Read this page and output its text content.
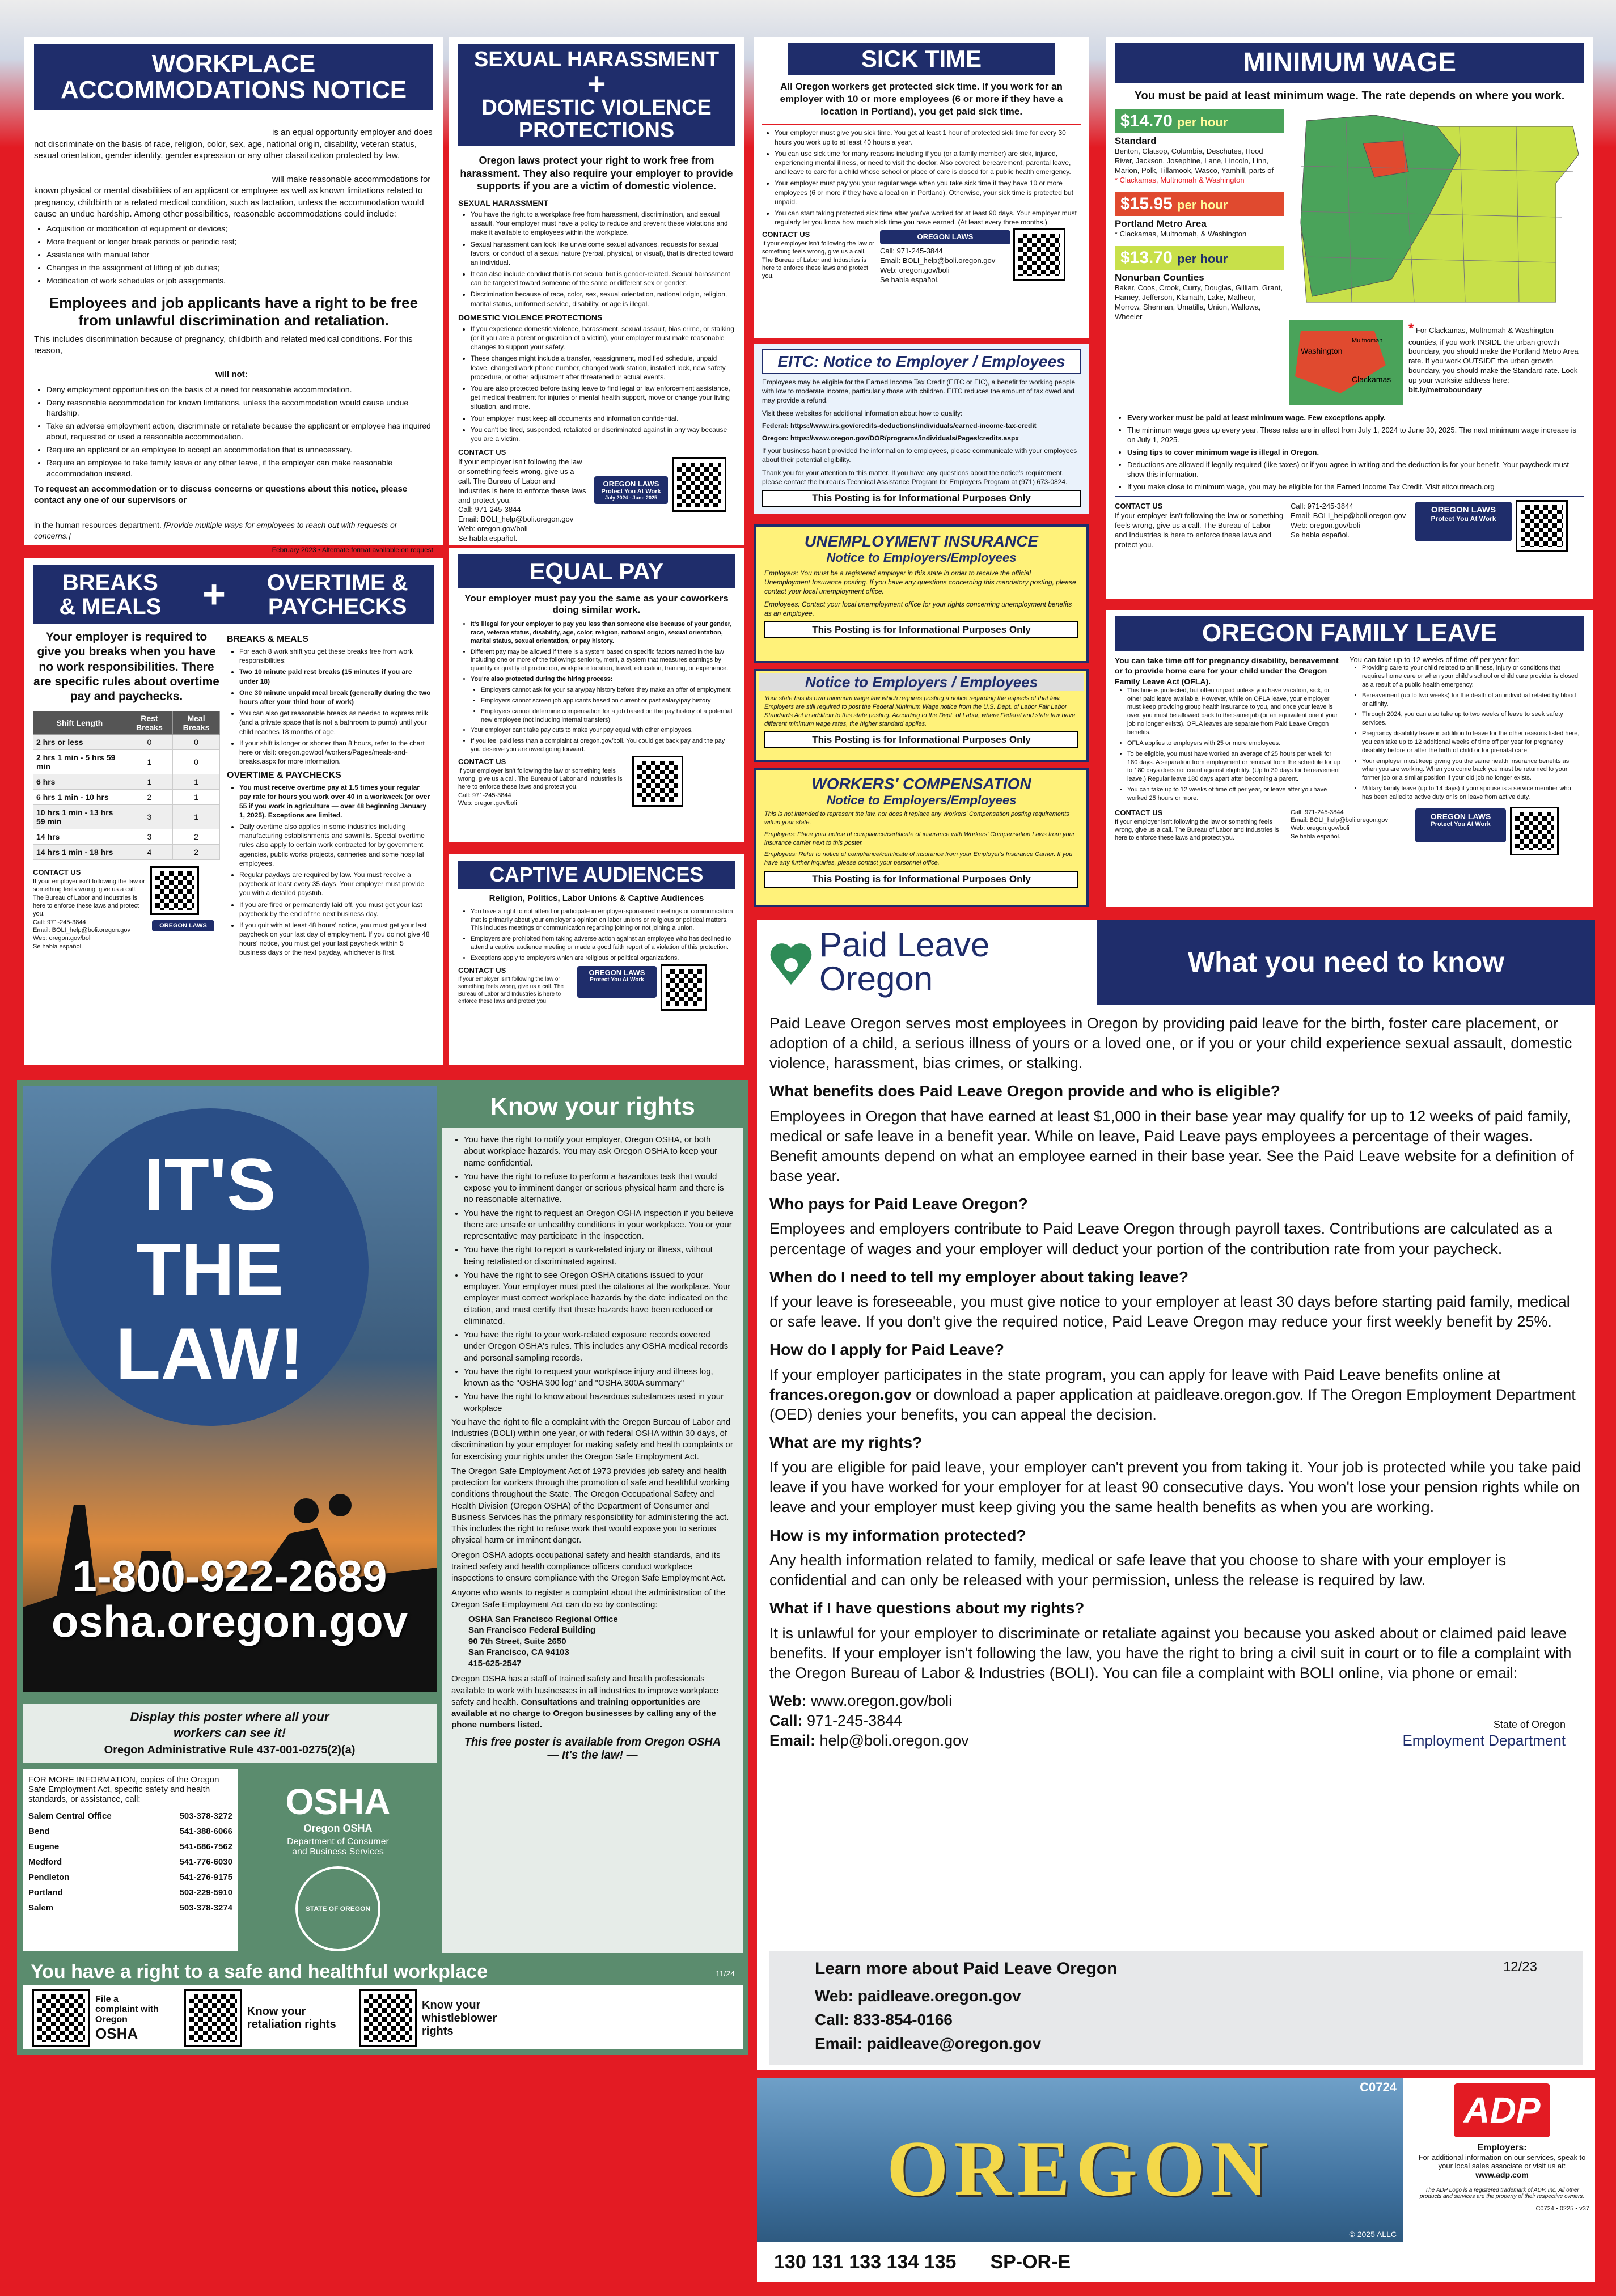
WORKPLACE
ACCOMMODATIONS NOTICE
is an equal opportunity employer and does not discriminate on the basis of race, religion, color, sex, age, national origin, disability, veteran status, sexual orientation, gender identity, gender expression or any other classification protected by law.
will make reasonable accommodations for known physical or mental disabilities of an applicant or employee as well as known limitations related to pregnancy, childbirth or a related medical condition, such as lactation, unless the accommodation would cause an undue hardship. Among other possibilities, reasonable accommodations could include:
• Acquisition or modification of equipment or devices;
• More frequent or longer break periods or periodic rest;
• Assistance with manual labor
• Changes in the assignment of lifting of job duties;
• Modification of work schedules or job assignments.
Employees and job applicants have a right to be free from unlawful discrimination and retaliation.
This includes discrimination because of pregnancy, childbirth and related medical conditions. For this reason,
will not:
• Deny employment opportunities on the basis of a need for reasonable accommodation.
• Deny reasonable accommodation for known limitations, unless the accommodation would cause undue hardship.
• Take an adverse employment action, discriminate or retaliate because the applicant or employee has inquired about, requested or used a reasonable accommodation.
• Require an applicant or an employee to accept an accommodation that is unnecessary.
• Require an employee to take family leave or any other leave, if the employer can make reasonable accommodation instead.
To request an accommodation or to discuss concerns or questions about this notice, please contact any one of our supervisors or
in the human resources department. [Provide multiple ways for employees to reach out with requests or concerns.]
February 2023 • Alternate format available on request
SEXUAL HARASSMENT
+
DOMESTIC VIOLENCE
PROTECTIONS
Oregon laws protect your right to work free from harassment. They also require your employer to provide supports if you are a victim of domestic violence.
SEXUAL HARASSMENT
• You have the right to a workplace free from harassment, discrimination, and sexual assault. Your employer must have a policy to reduce and prevent these violations and make it available to employees within the workplace.
• Sexual harassment can look like unwelcome sexual advances, requests for sexual favors, or conduct of a sexual nature (verbal, physical, or visual), that is directed toward an individual.
• It can also include conduct that is not sexual but is gender-related. Sexual harassment can be targeted toward someone of the same or different sex or gender.
• Discrimination because of race, color, sex, sexual orientation, national origin, religion, marital status, uniformed service, disability, or age is illegal.
DOMESTIC VIOLENCE PROTECTIONS
• If you experience domestic violence, harassment, sexual assault, bias crime, or stalking (or if you are a parent or guardian of a victim), your employer must make reasonable changes to support your safety.
• These changes might include a transfer, reassignment, modified schedule, unpaid leave, changed work phone number, changed work station, installed lock, new safety procedure, or other adjustment after threatened or actual events.
• You are also protected before taking leave to find legal or law enforcement assistance, get medical treatment for injuries or mental health support, move or change your living situation, and more.
• Your employer must keep all documents and information confidential.
• You can't be fired, suspended, retaliated or discriminated against in any way because you are a victim.
CONTACT US
If your employer isn't following the law or something feels wrong, give us a call. The Bureau of Labor and Industries is here to enforce these laws and protect you.
Call: 971-245-3844
Email: BOLI_help@boli.oregon.gov
Web: oregon.gov/boli
Se habla español.
OREGON LAWS
Protect You At Work
July 2024 - June 2025
SICK TIME
All Oregon workers get protected sick time. If you work for an employer with 10 or more employees (6 or more if they have a location in Portland), you get paid sick time.
• Your employer must give you sick time. You get at least 1 hour of protected sick time for every 30 hours you work up to at least 40 hours a year.
• You can use sick time for many reasons including if you (or a family member) are sick, injured, experiencing mental illness, or need to visit the doctor. Also covered: bereavement, parental leave, and leave to care for a child whose school or place of care is closed for a public health emergency.
• Your employer must pay you your regular wage when you take sick time if they have 10 or more employees (6 or more if they have a location in Portland). Otherwise, your sick time is protected but unpaid.
• You can start taking protected sick time after you've worked for at least 90 days. Your employer must regularly let you know how much sick time you have earned. (At least every three months.)
CONTACT US
If your employer isn't following the law or something feels wrong, give us a call. The Bureau of Labor and Industries is here to enforce these laws and protect you.
OREGON LAWS
Call: 971-245-3844
Email: BOLI_help@boli.oregon.gov
Web: oregon.gov/boli
Se habla español.
EITC: Notice to Employer / Employees
Employees may be eligible for the Earned Income Tax Credit (EITC or EIC), a benefit for working people with low to moderate income, particularly those with children. EITC reduces the amount of tax owed and may provide a refund.
Visit these websites for additional information about how to qualify:
Federal: https://www.irs.gov/credits-deductions/individuals/earned-income-tax-credit
Oregon: https://www.oregon.gov/DOR/programs/individuals/Pages/credits.aspx
If your business hasn't provided the information to employees, please communicate with your employees about their potential eligibility.
Thank you for your attention to this matter. If you have any questions about the notice's requirement, please contact the bureau's Technical Assistance Program for Employers Program at (971) 673-0824.
This Posting is for Informational Purposes Only
UNEMPLOYMENT INSURANCE
Notice to Employers/Employees
Employers: You must be a registered employer in this state in order to receive the official Unemployment Insurance posting. If you have any questions concerning this mandatory posting, please contact your local unemployment office.
Employees: Contact your local unemployment office for your rights concerning unemployment benefits as an employee.
This Posting is for Informational Purposes Only
Notice to Employers / Employees
Your state has its own minimum wage law which requires posting a notice regarding the aspects of that law. Employers are still required to post the Federal Minimum Wage notice from the U.S. Dept. of Labor Fair Labor Standards Act in addition to this state posting. According to the Dept. of Labor, where Federal and state law have different minimum wage rates, the higher standard applies.
This Posting is for Informational Purposes Only
WORKERS' COMPENSATION
Notice to Employers/Employees
This is not intended to represent the law, nor does it replace any Workers' Compensation posting requirements within your state.
Employers: Place your notice of compliance/certificate of insurance with Workers' Compensation Laws from your insurance carrier next to this poster.
Employees: Refer to notice of compliance/certificate of insurance from your Employer's Insurance Carrier. If you have any further inquiries, please contact your personnel office.
This Posting is for Informational Purposes Only
MINIMUM WAGE
You must be paid at least minimum wage. The rate depends on where you work.
$14.70 per hour
Standard
Benton, Clatsop, Columbia, Deschutes, Hood River, Jackson, Josephine, Lane, Lincoln, Linn, Marion, Polk, Tillamook, Wasco, Yamhill, parts of
* Clackamas, Multnomah & Washington
$15.95 per hour
Portland Metro Area
* Clackamas, Multnomah, & Washington
$13.70 per hour
Nonurban Counties
Baker, Coos, Crook, Curry, Douglas, Gilliam, Grant, Harney, Jefferson, Klamath, Lake, Malheur, Morrow, Sherman, Umatilla, Union, Wallowa, Wheeler
Washington
Multnomah
Clackamas
* For Clackamas, Multnomah & Washington counties, if you work INSIDE the urban growth boundary, you should make the Portland Metro Area rate. If you work OUTSIDE the urban growth boundary, you should make the Standard rate. Look up your worksite address here:
bit.ly/metroboundary
• Every worker must be paid at least minimum wage. Few exceptions apply.
• The minimum wage goes up every year. These rates are in effect from July 1, 2024 to June 30, 2025. The next minimum wage increase is on July 1, 2025.
• Using tips to cover minimum wage is illegal in Oregon.
• Deductions are allowed if legally required (like taxes) or if you agree in writing and the deduction is for your benefit. Your paycheck must show this information.
• If you make close to minimum wage, you may be eligible for the Earned Income Tax Credit. Visit eitcoutreach.org
CONTACT US
If your employer isn't following the law or something feels wrong, give us a call. The Bureau of Labor and Industries is here to enforce these laws and protect you.
Call: 971-245-3844
Email: BOLI_help@boli.oregon.gov
Web: oregon.gov/boli
Se habla español.
OREGON LAWS
Protect You At Work
OREGON FAMILY LEAVE
You can take time off for pregnancy disability, bereavement or to provide home care for your child under the Oregon Family Leave Act (OFLA).
• This time is protected, but often unpaid unless you have vacation, sick, or other paid leave available. However, while on OFLA leave, your employer must keep providing group health insurance to you, and once your leave is over, you must be allowed back to the same job (or an equivalent one if your job no longer exists). OFLA leaves are separate from Paid Leave Oregon benefits.
• OFLA applies to employers with 25 or more employees.
• To be eligible, you must have worked an average of 25 hours per week for 180 days. A separation from employment or removal from the schedule for up to 180 days does not count against eligibility. (Up to 30 days for bereavement leave.) Regular leave 180 days apart after becoming a parent.
• You can take up to 12 weeks of time off per year, or leave after you have worked 25 hours or more.
You can take up to 12 weeks of time off per year for:
• Providing care to your child related to an illness, injury or conditions that requires home care or when your child's school or child care provider is closed as a result of a public health emergency.
• Bereavement (up to two weeks) for the death of an individual related by blood or affinity.
• Through 2024, you can also take up to two weeks of leave to seek safety services.
• Pregnancy disability leave in addition to leave for the other reasons listed here, you can take up to 12 additional weeks of time off per year for pregnancy disability before or after the birth of child or for prenatal care.
• Your employer must keep giving you the same health insurance benefits as when you are working. When you come back you must be returned to your former job or a similar position if your old job no longer exists.
• Military family leave (up to 14 days) if your spouse is a service member who has been called to active duty or is on leave from active duty.
CONTACT US
If your employer isn't following the law or something feels wrong, give us a call. The Bureau of Labor and Industries is here to enforce these laws and protect you.
Call: 971-245-3844
Email: BOLI_help@boli.oregon.gov
Web: oregon.gov/boli
Se habla español.
OREGON LAWS
Protect You At Work
BREAKS
& MEALS + OVERTIME &
PAYCHECKS
Your employer is required to give you breaks when you have no work responsibilities. There are specific rules about overtime pay and paychecks.
Shift Length	Rest Breaks	Meal Breaks
2 hrs or less	0	0
2 hrs 1 min - 5 hrs 59 min	1	0
6 hrs	1	1
6 hrs 1 min - 10 hrs	2	1
10 hrs 1 min - 13 hrs 59 min	3	1
14 hrs	3	2
14 hrs 1 min - 18 hrs	4	2
CONTACT US
If your employer isn't following the law or something feels wrong, give us a call. The Bureau of Labor and Industries is here to enforce these laws and protect you.
Call: 971-245-3844
Email: BOLI_help@boli.oregon.gov
Web: oregon.gov/boli
Se habla español.
OREGON LAWS
BREAKS & MEALS
• For each 8 work shift you get these breaks free from work responsibilities:
• Two 10 minute paid rest breaks (15 minutes if you are under 18)
• One 30 minute unpaid meal break (generally during the two hours after your third hour of work)
• You can also get reasonable breaks as needed to express milk (and a private space that is not a bathroom to pump) until your child reaches 18 months of age.
• If your shift is longer or shorter than 8 hours, refer to the chart here or visit: oregon.gov/boli/workers/Pages/meals-and-breaks.aspx for more information.
OVERTIME & PAYCHECKS
• You must receive overtime pay at 1.5 times your regular pay rate for hours you work over 40 in a workweek (or over 55 if you work in agriculture — over 48 beginning January 1, 2025). Exceptions are limited.
• Daily overtime also applies in some industries including manufacturing establishments and sawmills. Special overtime rules also apply to certain work contracted for by government agencies, public works projects, canneries and some hospital employees.
• Regular paydays are required by law. You must receive a paycheck at least every 35 days. Your employer must provide you with a detailed paystub.
• If you are fired or permanently laid off, you must get your last paycheck by the end of the next business day.
• If you quit with at least 48 hours' notice, you must get your last paycheck on your last day of employment. If you do not give 48 hours' notice, you must get your last paycheck within 5 business days or the next payday, whichever is first.
EQUAL PAY
Your employer must pay you the same as your coworkers doing similar work.
• It's illegal for your employer to pay you less than someone else because of your gender, race, veteran status, disability, age, color, religion, national origin, sexual orientation, marital status, sexual orientation, or pay history.
• Different pay may be allowed if there is a system based on specific factors named in the law including one or more of the following: seniority, merit, a system that measures earnings by quantity or quality of production, workplace location, travel, education, training, or experience.
• You're also protected during the hiring process:
• Employers cannot ask for your salary/pay history before they make an offer of employment
• Employers cannot screen job applicants based on current or past salary/pay history
• Employers cannot determine compensation for a job based on the pay history of a potential new employee (not including internal transfers)
• Your employer can't take pay cuts to make your pay equal with other employees.
• If you feel paid less than a complaint at oregon.gov/boli. You could get back pay and the pay you deserve you are owed going forward.
CONTACT US
If your employer isn't following the law or something feels wrong, give us a call. The Bureau of Labor and Industries is here to enforce these laws and protect you.
Call: 971-245-3844
Web: oregon.gov/boli
CAPTIVE AUDIENCES
Religion, Politics, Labor Unions & Captive Audiences
• You have a right to not attend or participate in employer-sponsored meetings or communication that is primarily about your employer's opinion on labor unions or religious or political matters. This includes meetings or communication regarding joining or not joining a union.
• Employers are prohibited from taking adverse action against an employee who has declined to attend a captive audience meeting or made a good faith report of a violation of this protection.
• Exceptions apply to employers which are religious or political organizations.
CONTACT US
If your employer isn't following the law or something feels wrong, give us a call. The Bureau of Labor and Industries is here to enforce these laws and protect you.
OREGON LAWS
Protect You At Work
IT'S
THE
LAW!
1-800-922-2689
osha.oregon.gov
Know your rights
• You have the right to notify your employer, Oregon OSHA, or both about workplace hazards. You may ask Oregon OSHA to keep your name confidential.
• You have the right to refuse to perform a hazardous task that would expose you to imminent danger or serious physical harm and there is no reasonable alternative.
• You have the right to request an Oregon OSHA inspection if you believe there are unsafe or unhealthy conditions in your workplace. You or your representative may participate in the inspection.
• You have the right to report a work-related injury or illness, without being retaliated or discriminated against.
• You have the right to see Oregon OSHA citations issued to your employer. Your employer must post the citations at the workplace. Your employer must correct workplace hazards by the date indicated on the citation, and must certify that these hazards have been reduced or eliminated.
• You have the right to your work-related exposure records covered under Oregon OSHA's rules. This includes any OSHA medical records and personal sampling records.
• You have the right to request your workplace injury and illness log, known as the "OSHA 300 log" and "OSHA 300A summary"
• You have the right to know about hazardous substances used in your workplace
You have the right to file a complaint with the Oregon Bureau of Labor and Industries (BOLI) within one year, or with federal OSHA within 30 days, of discrimination by your employer for making safety and health complaints or for exercising your rights under the Oregon Safe Employment Act.
The Oregon Safe Employment Act of 1973 provides job safety and health protection for workers through the promotion of safe and healthful working conditions throughout the State. The Oregon Occupational Safety and Health Division (Oregon OSHA) of the Department of Consumer and Business Services has the primary responsibility for administering the act. This includes the right to refuse work that would expose you to serious physical harm or imminent danger.
Oregon OSHA adopts occupational safety and health standards, and its trained safety and health compliance officers conduct workplace inspections to ensure compliance with the Oregon Safe Employment Act.
Anyone who wants to register a complaint about the administration of the Oregon Safe Employment Act can do so by contacting:
OSHA San Francisco Regional Office
San Francisco Federal Building
90 7th Street, Suite 2650
San Francisco, CA 94103
415-625-2547
Oregon OSHA has a staff of trained safety and health professionals available to work with businesses in all industries to improve workplace safety and health. Consultations and training opportunities are available at no charge to Oregon businesses by calling any of the phone numbers listed.
This free poster is available from Oregon OSHA
— It's the law! —
Display this poster where all your workers can see it!
Oregon Administrative Rule 437-001-0275(2)(a)
FOR MORE INFORMATION, copies of the Oregon Safe Employment Act, specific safety and health standards, or assistance, call:
Salem Central Office	503-378-3272
Bend	541-388-6066
Eugene	541-686-7562
Medford	541-776-6030
Pendleton	541-276-9175
Portland	503-229-5910
Salem	503-378-3274
OSHA
Oregon OSHA
Department of Consumer and Business Services
STATE OF OREGON
You have a right to a safe and healthful workplace	11/24
File a complaint with Oregon
OSHA
Know your retaliation rights
Know your whistleblower rights
Paid Leave
Oregon	What you need to know
Paid Leave Oregon serves most employees in Oregon by providing paid leave for the birth, foster care placement, or adoption of a child, a serious illness of yours or a loved one, or if you or your child experience sexual assault, domestic violence, harassment, bias crimes, or stalking.
What benefits does Paid Leave Oregon provide and who is eligible?
Employees in Oregon that have earned at least $1,000 in their base year may qualify for up to 12 weeks of paid family, medical or safe leave in a benefit year. While on leave, Paid Leave pays employees a percentage of their wages. Benefit amounts depend on what an employee earned in their base year. See the Paid Leave website for a definition of base year.
Who pays for Paid Leave Oregon?
Employees and employers contribute to Paid Leave Oregon through payroll taxes. Contributions are calculated as a percentage of wages and your employer will deduct your portion of the contribution rate from your paycheck.
When do I need to tell my employer about taking leave?
If your leave is foreseeable, you must give notice to your employer at least 30 days before starting paid family, medical or safe leave. If you don't give the required notice, Paid Leave Oregon may reduce your first weekly benefit by 25%.
How do I apply for Paid Leave?
If your employer participates in the state program, you can apply for leave with Paid Leave benefits online at frances.oregon.gov or download a paper application at paidleave.oregon.gov. If The Oregon Employment Department (OED) denies your benefits, you can appeal the decision.
What are my rights?
If you are eligible for paid leave, your employer can't prevent you from taking it. Your job is protected while you take paid leave if you have worked for your employer for at least 90 consecutive days. You won't lose your pension rights while on leave and your employer must keep giving you the same health benefits as when you are working.
How is my information protected?
Any health information related to family, medical or safe leave that you choose to share with your employer is confidential and can only be released with your permission, unless the release is required by law.
What if I have questions about my rights?
It is unlawful for your employer to discriminate or retaliate against you because you asked about or claimed paid leave benefits. If your employer isn't following the law, you have the right to bring a civil suit in court or to file a complaint with the Oregon Bureau of Labor & Industries (BOLI). You can file a complaint with BOLI online, via phone or email:
Web: www.oregon.gov/boli
Call: 971-245-3844
Email: help@boli.oregon.gov
State of Oregon
Employment Department
Learn more about Paid Leave Oregon	12/23
Web: paidleave.oregon.gov
Call: 833-854-0166
Email: paidleave@oregon.gov
C0724
OREGON
© 2025 ALLC
130 131 133 134 135 SP-OR-E
ADP
Employers:
For additional information on our services, speak to your local sales associate or visit us at:
www.adp.com
The ADP Logo is a registered trademark of ADP, Inc. All other products and services are the property of their respective owners.
C0724 • 0225 • v37
